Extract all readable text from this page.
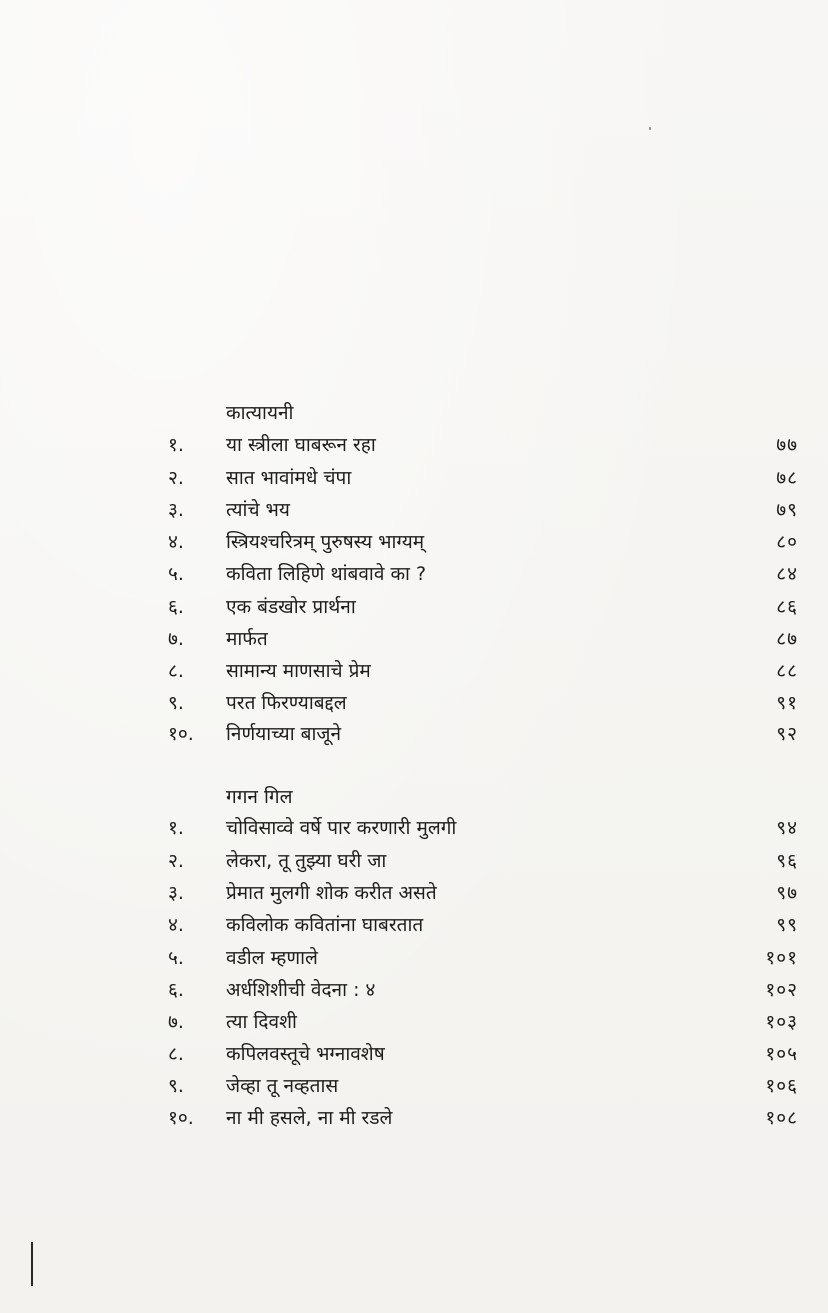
कात्यायनी
१.	या स्त्रीला घाबरून रहा	७७
२.	सात भावांमधे चंपा	७८
३.	त्यांचे भय	७९
४.	स्त्रियश्चरित्रम् पुरुषस्य भाग्यम्	८०
५.	कविता लिहिणे थांबवावे का ?	८४
६.	एक बंडखोर प्रार्थना	८६
७.	मार्फत	८७
८.	सामान्य माणसाचे प्रेम	८८
९.	परत फिरण्याबद्दल	९१
१०.	निर्णयाच्या बाजूने	९२
गगन गिल
१.	चोविसाव्वे वर्षे पार करणारी मुलगी	९४
२.	लेकरा, तू तुझ्या घरी जा	९६
३.	प्रेमात मुलगी शोक करीत असते	९७
४.	कविलोक कवितांना घाबरतात	९९
५.	वडील म्हणाले	१०१
६.	अर्धशिशीची वेदना : ४	१०२
७.	त्या दिवशी	१०३
८.	कपिलवस्तूचे भग्नावशेष	१०५
९.	जेव्हा तू नव्हतास	१०६
१०.	ना मी हसले, ना मी रडले	१०८
